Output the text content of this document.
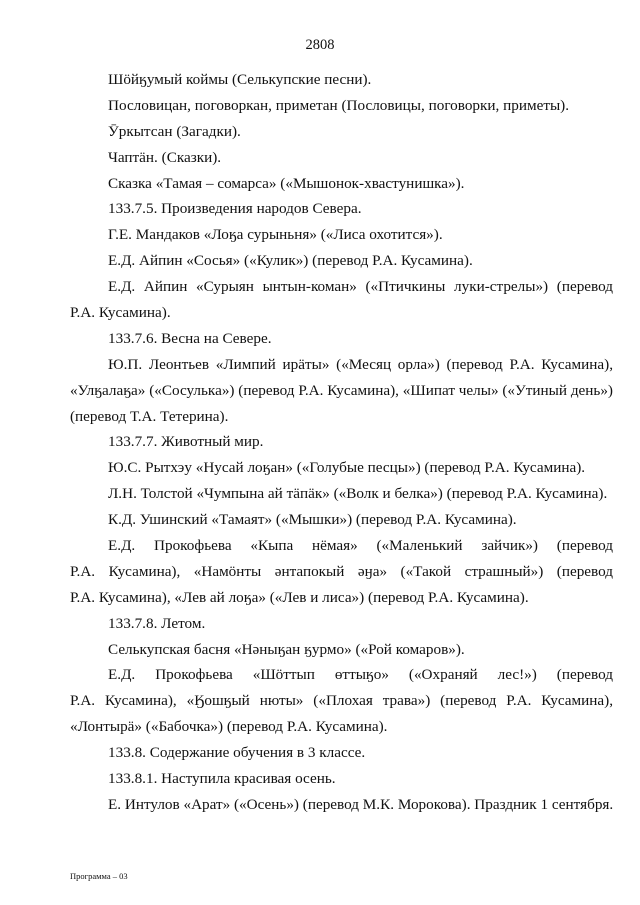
2808
Шӧйӄумый коймы (Селькупские песни).
Пословицан, поговоркан, приметан (Пословицы, поговорки, приметы).
Ӯркытсан (Загадки).
Чаптӓн. (Сказки).
Сказка «Тамая – сомарса» («Мышонок-хвастунишка»).
133.7.5. Произведения народов Севера.
Г.Е. Мандаков «Лоӄа сурыньня» («Лиса охотится»).
Е.Д. Айпин «Сосья» («Кулик») (перевод Р.А. Кусамина).
Е.Д. Айпин «Сурыян ынтын-коман» («Птичкины луки-стрелы») (перевод
Р.А. Кусамина).
133.7.6. Весна на Севере.
Ю.П. Леонтьев «Лимпий ирӓты» («Месяц орла») (перевод Р.А. Кусамина),
«Улӄалаӄа» («Сосулька») (перевод Р.А. Кусамина), «Шипат челы» («Утиный день»)
(перевод Т.А. Тетерина).
133.7.7. Животный мир.
Ю.С. Рытхэу «Нусай лоӄан» («Голубые песцы») (перевод Р.А. Кусамина).
Л.Н. Толстой «Чумпына ай тӓпӓк» («Волк и белка») (перевод Р.А. Кусамина).
К.Д. Ушинский «Тамаят» («Мышки») (перевод Р.А. Кусамина).
Е.Д. Прокофьева «Кыпа нёмая» («Маленький зайчик») (перевод
Р.А. Кусамина), «Намӧнты әнтапокый әӈа» («Такой страшный») (перевод
Р.А. Кусамина), «Лев ай лоӄа» («Лев и лиса») (перевод Р.А. Кусамина).
133.7.8. Летом.
Селькупская басня «Нәныӄан ӄурмо» («Рой комаров»).
Е.Д. Прокофьева «Шӧттып өттыӄо» («Охраняй лес!») (перевод
Р.А. Кусамина), «Ӄошӄый нюты» («Плохая трава») (перевод Р.А. Кусамина),
«Лонтырӓ» («Бабочка») (перевод Р.А. Кусамина).
133.8. Содержание обучения в 3 классе.
133.8.1. Наступила красивая осень.
Е. Интулов «Арат» («Осень») (перевод М.К. Морокова). Праздник 1 сентября.
Программа – 03
